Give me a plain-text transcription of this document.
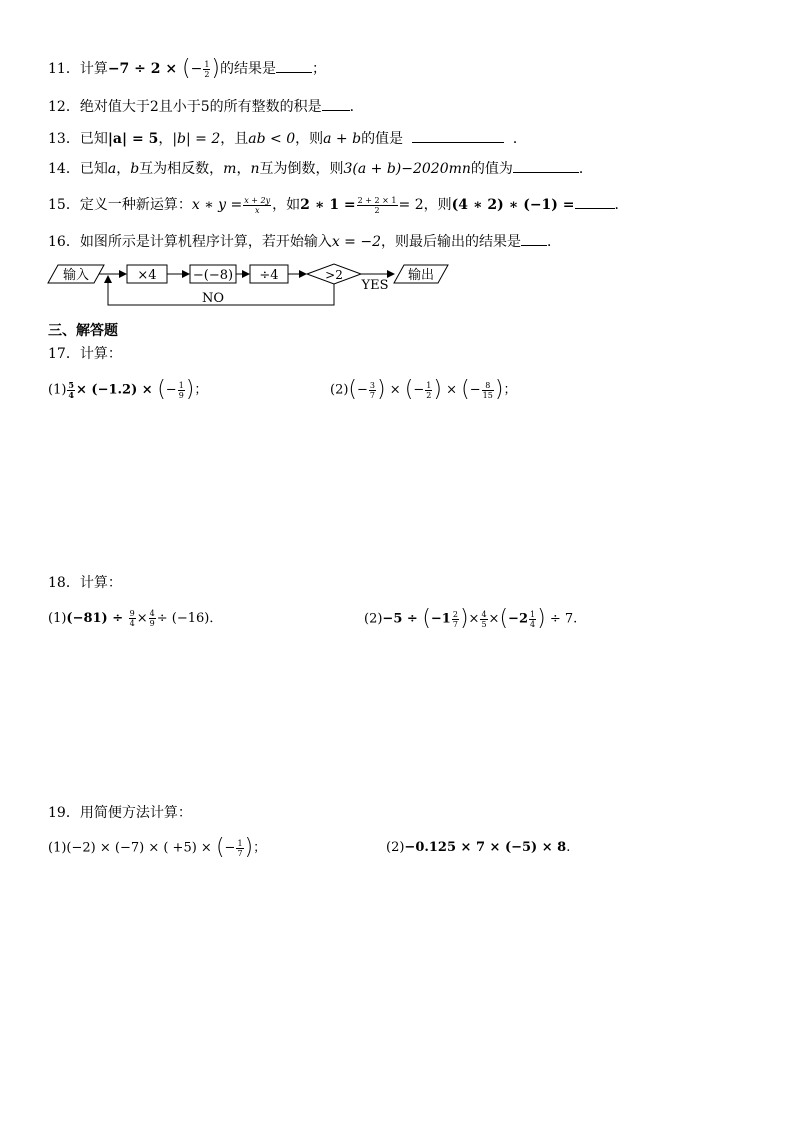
11．计算−7 ÷ 2 × (− $\frac{1}{2}$ )的结果是	；
12．绝对值大于2且小于5的所有整数的积是 ．
13．已知|a| = 5，|b| = 2，且ab < 0，则a + b的值是	．
14．已知a，b互为相反数，m，n互为倒数，则3(a + b)−2020mn的值为	．
15．定义一种新运算：x ∗ $y = \frac{x + 2y}{x}$ ，如2 ∗ $1 = \frac{2 + 2 \times 1}{2} = 2$，则(4 ∗ 2) ∗ (−1) =	．
16．如图所示是计算机程序计算，若开始输入x = −2，则最后输出的结果是 ．
输入	×4	−(−8) ÷4	>2
YES
输出
NO
三、解答题
17．计算：
$(1) \frac{5}{4} \times (-1.2)$ × (− $\frac{1}{9}$ )；	$(2)(- \frac{3}{7}$ ) × (− $\frac{1}{2}$ ) × (− $\frac{8}{15}$ )；
18．计算：
$(1)(-81) \div \frac{9}{4} \times \frac{4}{9} \div (-16)$．	$(2)-5 \div (-1 \frac{2}{7}$ )× $\frac{4}{5} \times(-2 \frac{1}{4}$ ) ÷ 7.
19．用简便方法计算：
(1)(−2) × (−7) × ( +5) × (− $\frac{1}{7}$ )；	(2)−0.125 × 7 × (−5) × 8.
